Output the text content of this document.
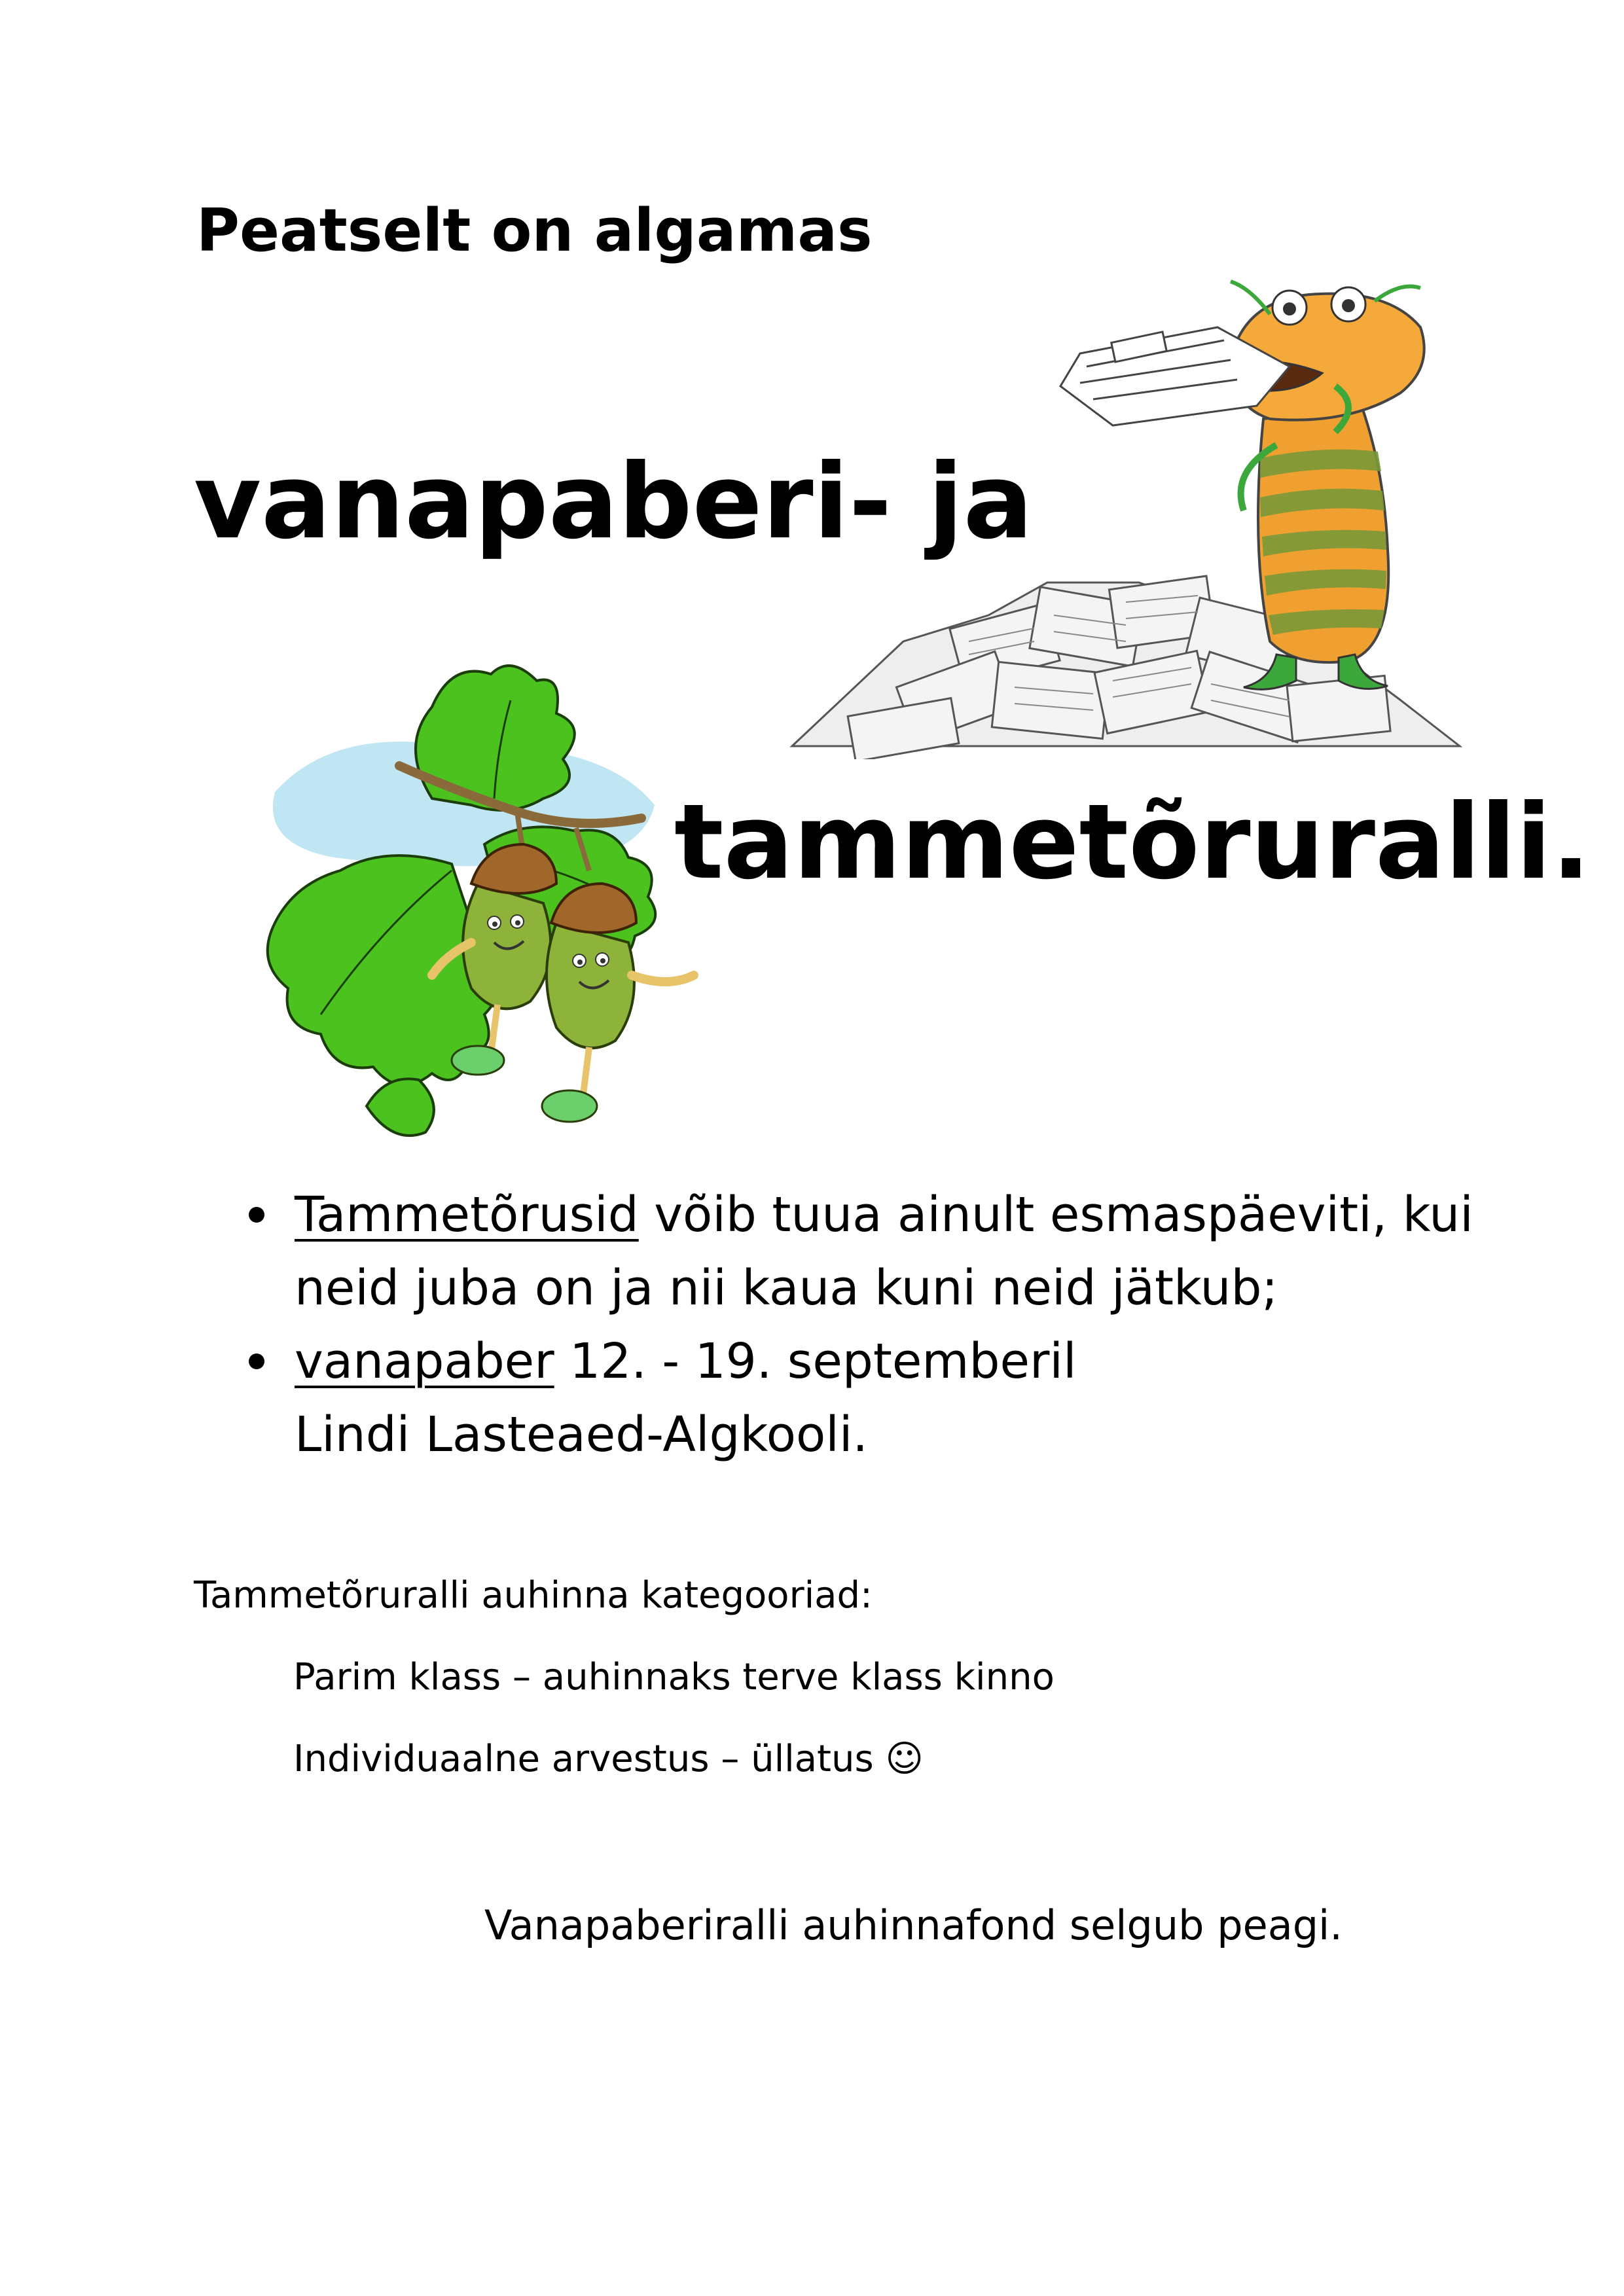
Peatselt on algamas
vanapaberi- ja
tammetõruralli.
Tammetõrusid võib tuua ainult esmaspäeviti, kui
neid juba on ja nii kaua kuni neid jätkub;
vanapaber 12. - 19. septemberil
Lindi Lasteaed-Algkooli.
Tammetõruralli auhinna kategooriad:
Parim klass – auhinnaks terve klass kinno
Individuaalne arvestus – üllatus ☺
Vanapaberiralli auhinnafond selgub peagi.
